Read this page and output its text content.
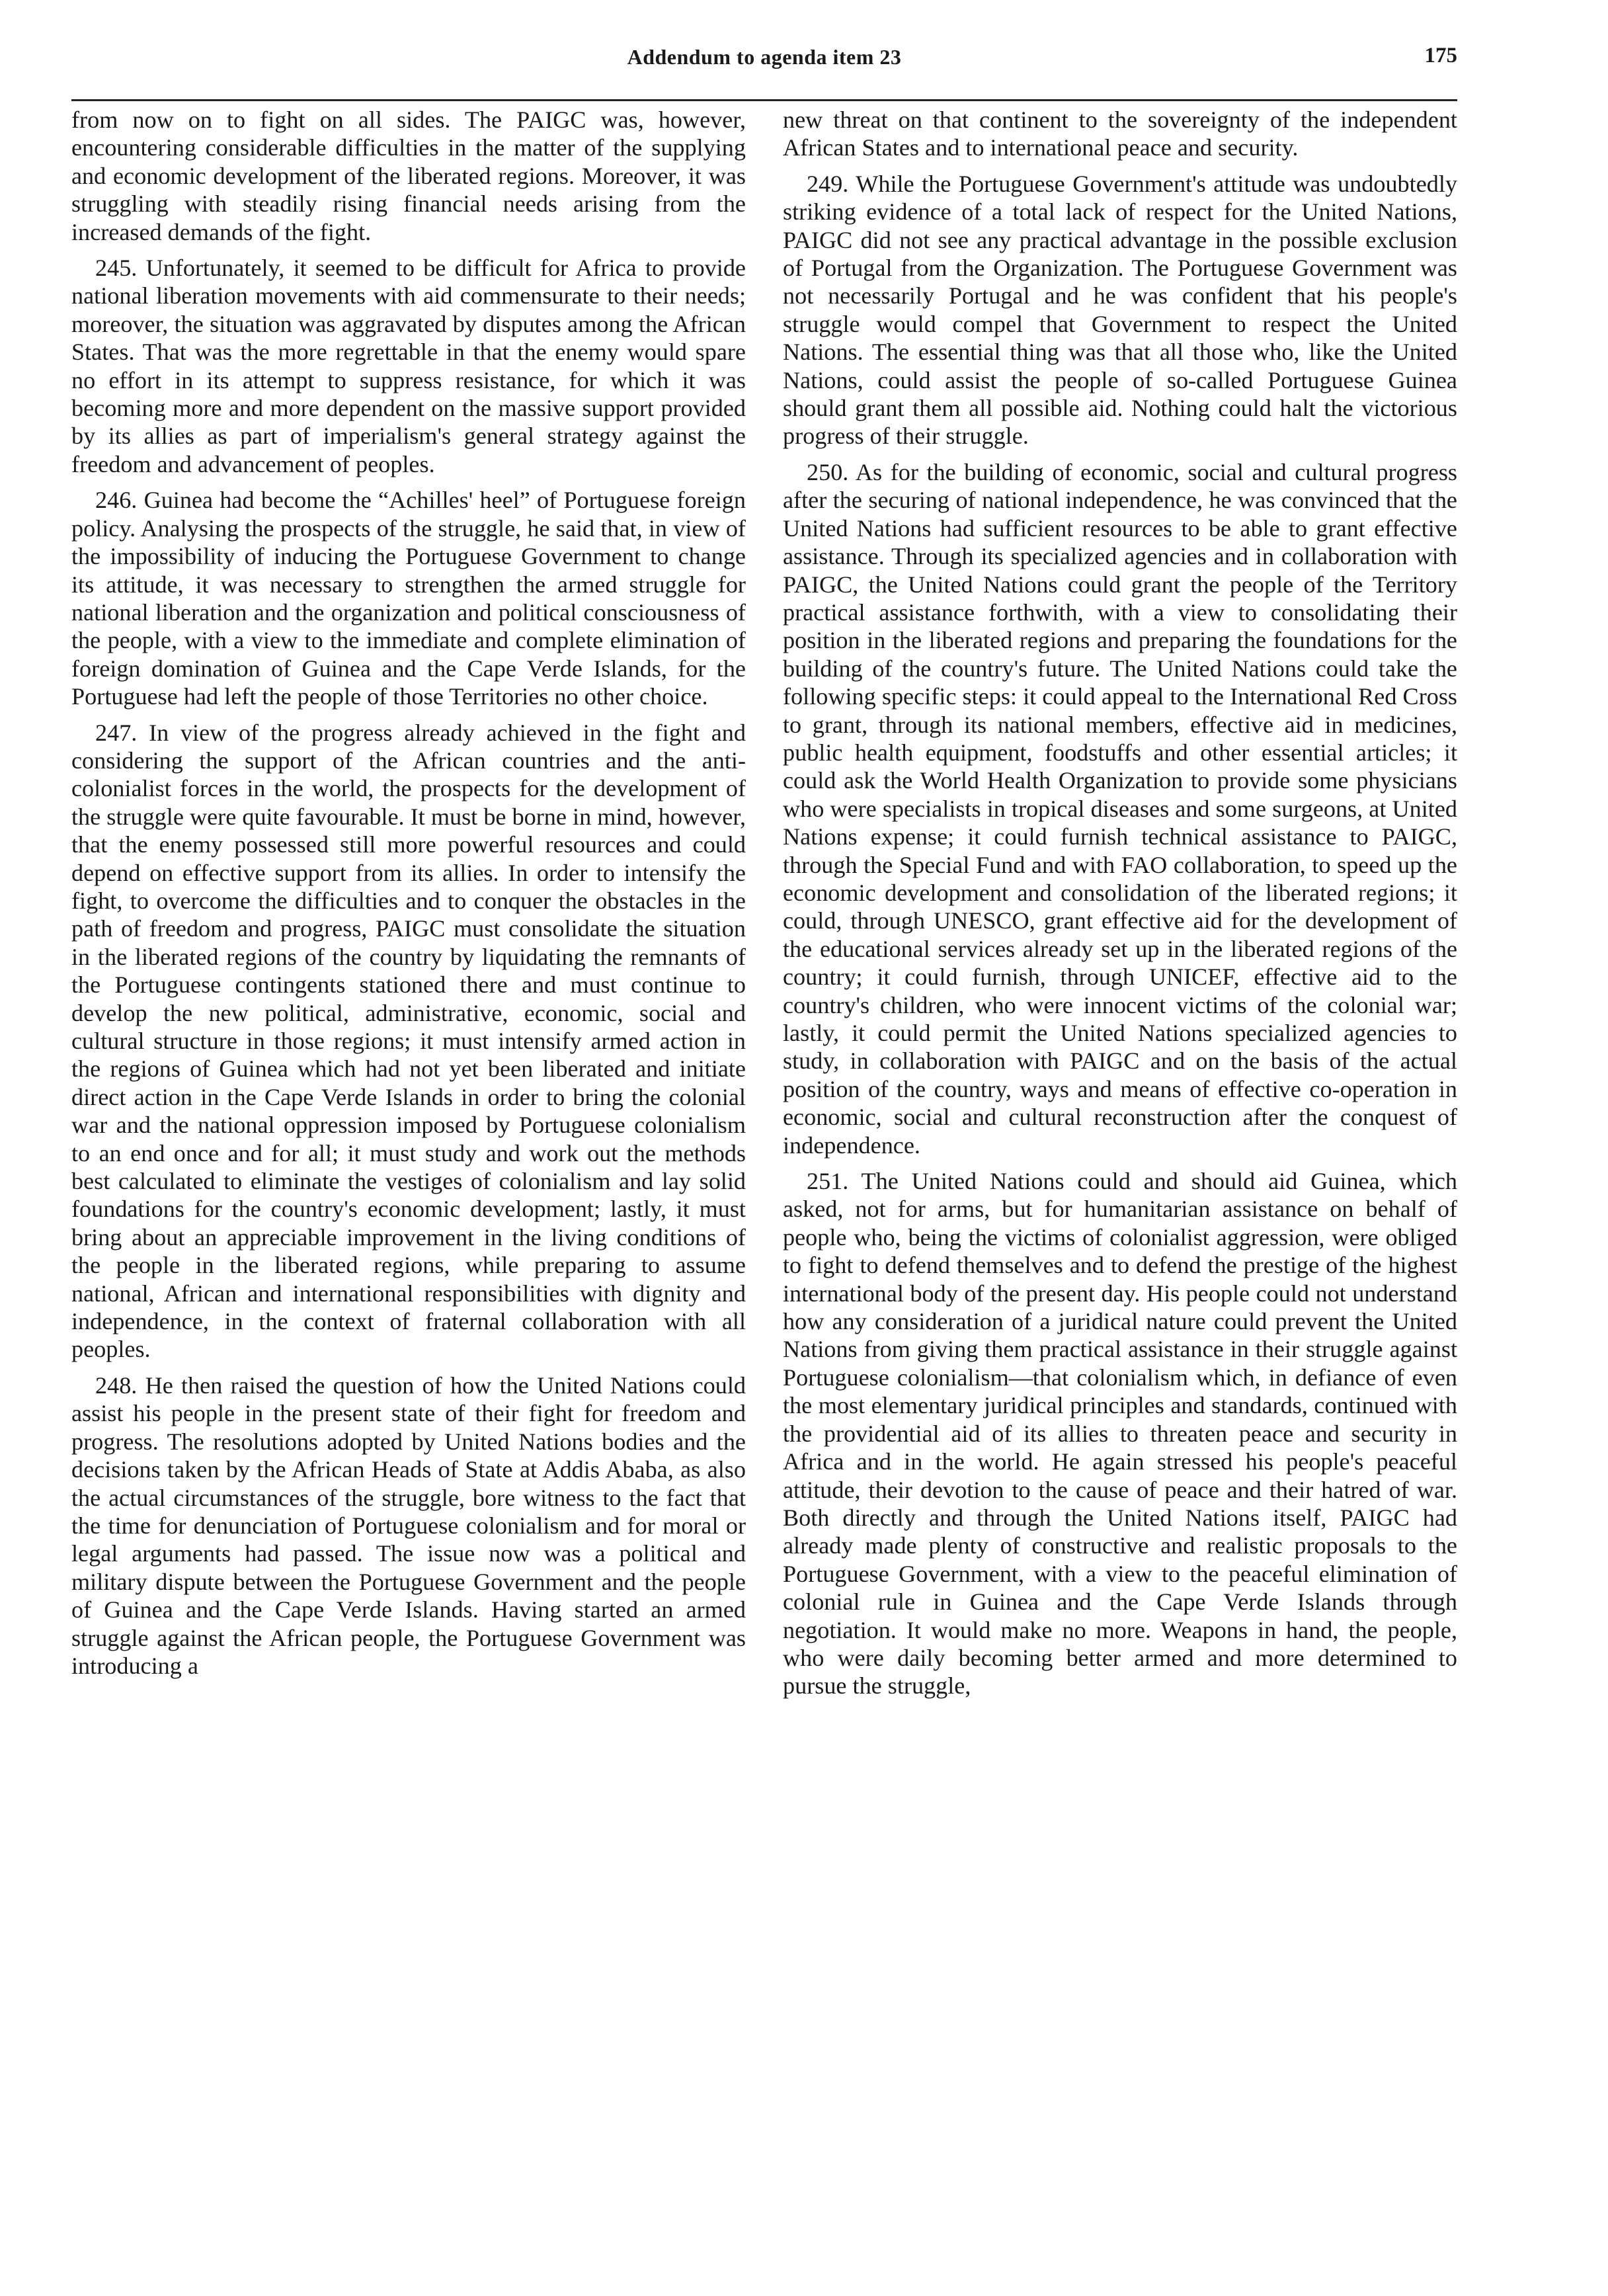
Addendum to agenda item 23	175

from now on to fight on all sides. The PAIGC was, however, encountering considerable difficulties in the matter of the supplying and economic development of the liberated regions. Moreover, it was struggling with steadily rising financial needs arising from the increased demands of the fight.

245. Unfortunately, it seemed to be difficult for Africa to provide national liberation movements with aid commensurate to their needs; moreover, the situation was aggravated by disputes among the African States. That was the more regrettable in that the enemy would spare no effort in its attempt to suppress resistance, for which it was becoming more and more dependent on the massive support provided by its allies as part of imperialism's general strategy against the freedom and advancement of peoples.

246. Guinea had become the “Achilles' heel” of Portuguese foreign policy. Analysing the prospects of the struggle, he said that, in view of the impossibility of inducing the Portuguese Government to change its attitude, it was necessary to strengthen the armed struggle for national liberation and the organization and political consciousness of the people, with a view to the immediate and complete elimination of foreign domination of Guinea and the Cape Verde Islands, for the Portuguese had left the people of those Territories no other choice.

247. In view of the progress already achieved in the fight and considering the support of the African countries and the anti-colonialist forces in the world, the prospects for the development of the struggle were quite favourable. It must be borne in mind, however, that the enemy possessed still more powerful resources and could depend on effective support from its allies. In order to intensify the fight, to overcome the difficulties and to conquer the obstacles in the path of freedom and progress, PAIGC must consolidate the situation in the liberated regions of the country by liquidating the remnants of the Portuguese contingents stationed there and must continue to develop the new political, administrative, economic, social and cultural structure in those regions; it must intensify armed action in the regions of Guinea which had not yet been liberated and initiate direct action in the Cape Verde Islands in order to bring the colonial war and the national oppression imposed by Portuguese colonialism to an end once and for all; it must study and work out the methods best calculated to eliminate the vestiges of colonialism and lay solid foundations for the country's economic development; lastly, it must bring about an appreciable improvement in the living conditions of the people in the liberated regions, while preparing to assume national, African and international responsibilities with dignity and independence, in the context of fraternal collaboration with all peoples.

248. He then raised the question of how the United Nations could assist his people in the present state of their fight for freedom and progress. The resolutions adopted by United Nations bodies and the decisions taken by the African Heads of State at Addis Ababa, as also the actual circumstances of the struggle, bore witness to the fact that the time for denunciation of Portuguese colonialism and for moral or legal arguments had passed. The issue now was a political and military dispute between the Portuguese Government and the people of Guinea and the Cape Verde Islands. Having started an armed struggle against the African people, the Portuguese Government was introducing a

new threat on that continent to the sovereignty of the independent African States and to international peace and security.

249. While the Portuguese Government's attitude was undoubtedly striking evidence of a total lack of respect for the United Nations, PAIGC did not see any practical advantage in the possible exclusion of Portugal from the Organization. The Portuguese Government was not necessarily Portugal and he was confident that his people's struggle would compel that Government to respect the United Nations. The essential thing was that all those who, like the United Nations, could assist the people of so-called Portuguese Guinea should grant them all possible aid. Nothing could halt the victorious progress of their struggle.

250. As for the building of economic, social and cultural progress after the securing of national independence, he was convinced that the United Nations had sufficient resources to be able to grant effective assistance. Through its specialized agencies and in collaboration with PAIGC, the United Nations could grant the people of the Territory practical assistance forthwith, with a view to consolidating their position in the liberated regions and preparing the foundations for the building of the country's future. The United Nations could take the following specific steps: it could appeal to the International Red Cross to grant, through its national members, effective aid in medicines, public health equipment, foodstuffs and other essential articles; it could ask the World Health Organization to provide some physicians who were specialists in tropical diseases and some surgeons, at United Nations expense; it could furnish technical assistance to PAIGC, through the Special Fund and with FAO collaboration, to speed up the economic development and consolidation of the liberated regions; it could, through UNESCO, grant effective aid for the development of the educational services already set up in the liberated regions of the country; it could furnish, through UNICEF, effective aid to the country's children, who were innocent victims of the colonial war; lastly, it could permit the United Nations specialized agencies to study, in collaboration with PAIGC and on the basis of the actual position of the country, ways and means of effective co-operation in economic, social and cultural reconstruction after the conquest of independence.

251. The United Nations could and should aid Guinea, which asked, not for arms, but for humanitarian assistance on behalf of people who, being the victims of colonialist aggression, were obliged to fight to defend themselves and to defend the prestige of the highest international body of the present day. His people could not understand how any consideration of a juridical nature could prevent the United Nations from giving them practical assistance in their struggle against Portuguese colonialism—that colonialism which, in defiance of even the most elementary juridical principles and standards, continued with the providential aid of its allies to threaten peace and security in Africa and in the world. He again stressed his people's peaceful attitude, their devotion to the cause of peace and their hatred of war. Both directly and through the United Nations itself, PAIGC had already made plenty of constructive and realistic proposals to the Portuguese Government, with a view to the peaceful elimination of colonial rule in Guinea and the Cape Verde Islands through negotiation. It would make no more. Weapons in hand, the people, who were daily becoming better armed and more determined to pursue the struggle,
